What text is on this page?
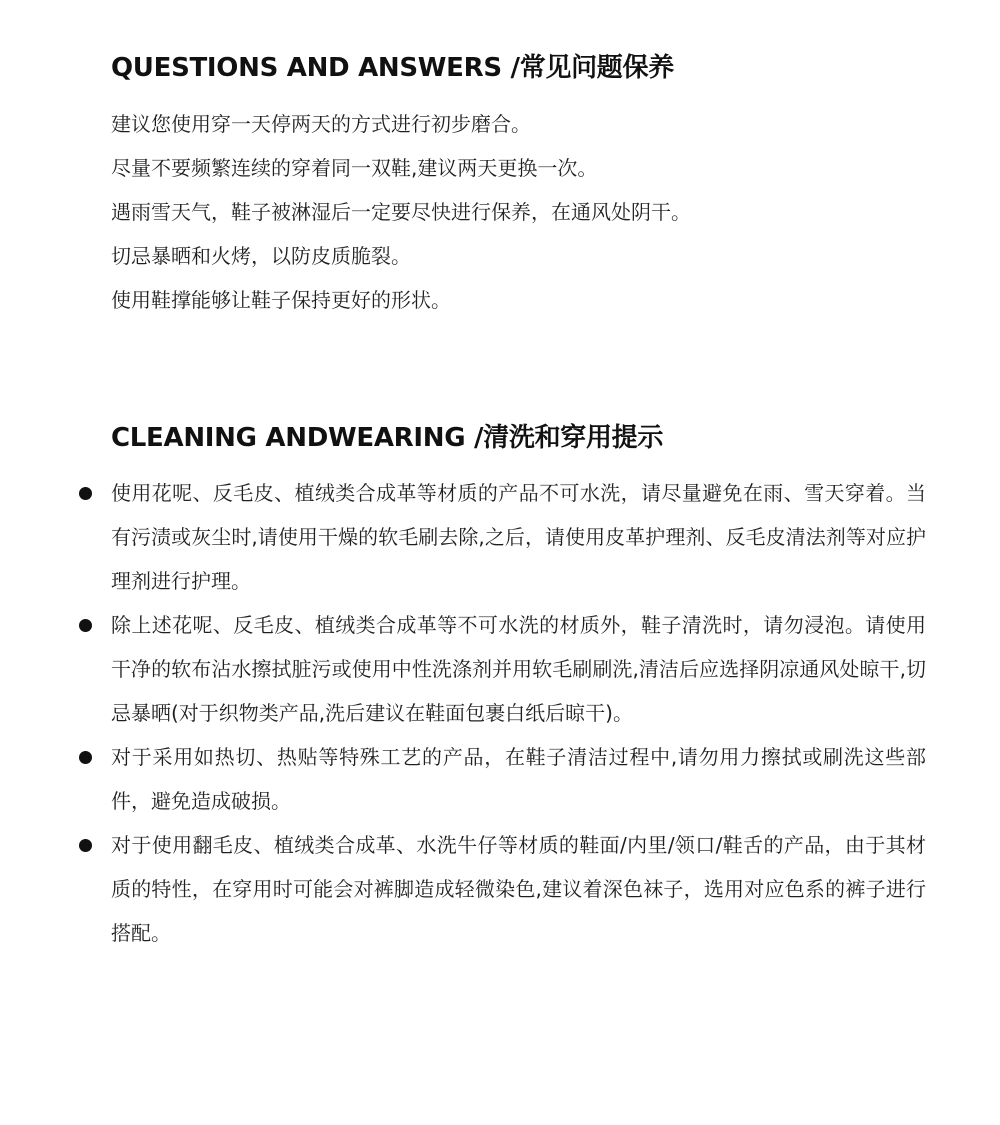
QUESTIONS AND ANSWERS /常见问题保养
建议您使用穿一天停两天的方式进行初步磨合。
尽量不要频繁连续的穿着同一双鞋,建议两天更换一次。
遇雨雪天气，鞋子被淋湿后一定要尽快进行保养，在通风处阴干。
切忌暴晒和火烤，以防皮质脆裂。
使用鞋撑能够让鞋子保持更好的形状。
CLEANING ANDWEARING /清洗和穿用提示
使用花呢、反毛皮、植绒类合成革等材质的产品不可水洗，请尽量避免在雨、雪天穿着。当有污渍或灰尘时,请使用干燥的软毛刷去除,之后，请使用皮革护理剂、反毛皮清法剂等对应护理剂进行护理。
除上述花呢、反毛皮、植绒类合成革等不可水洗的材质外，鞋子清洗时，请勿浸泡。请使用干净的软布沾水擦拭脏污或使用中性洗涤剂并用软毛刷刷洗,清洁后应选择阴凉通风处晾干,切忌暴晒(对于织物类产品,洗后建议在鞋面包裹白纸后晾干)。
对于采用如热切、热贴等特殊工艺的产品，在鞋子清洁过程中,请勿用力擦拭或刷洗这些部件，避免造成破损。
对于使用翻毛皮、植绒类合成革、水洗牛仔等材质的鞋面/内里/领口/鞋舌的产品，由于其材质的特性，在穿用时可能会对裤脚造成轻微染色,建议着深色袜子，选用对应色系的裤子进行搭配。
